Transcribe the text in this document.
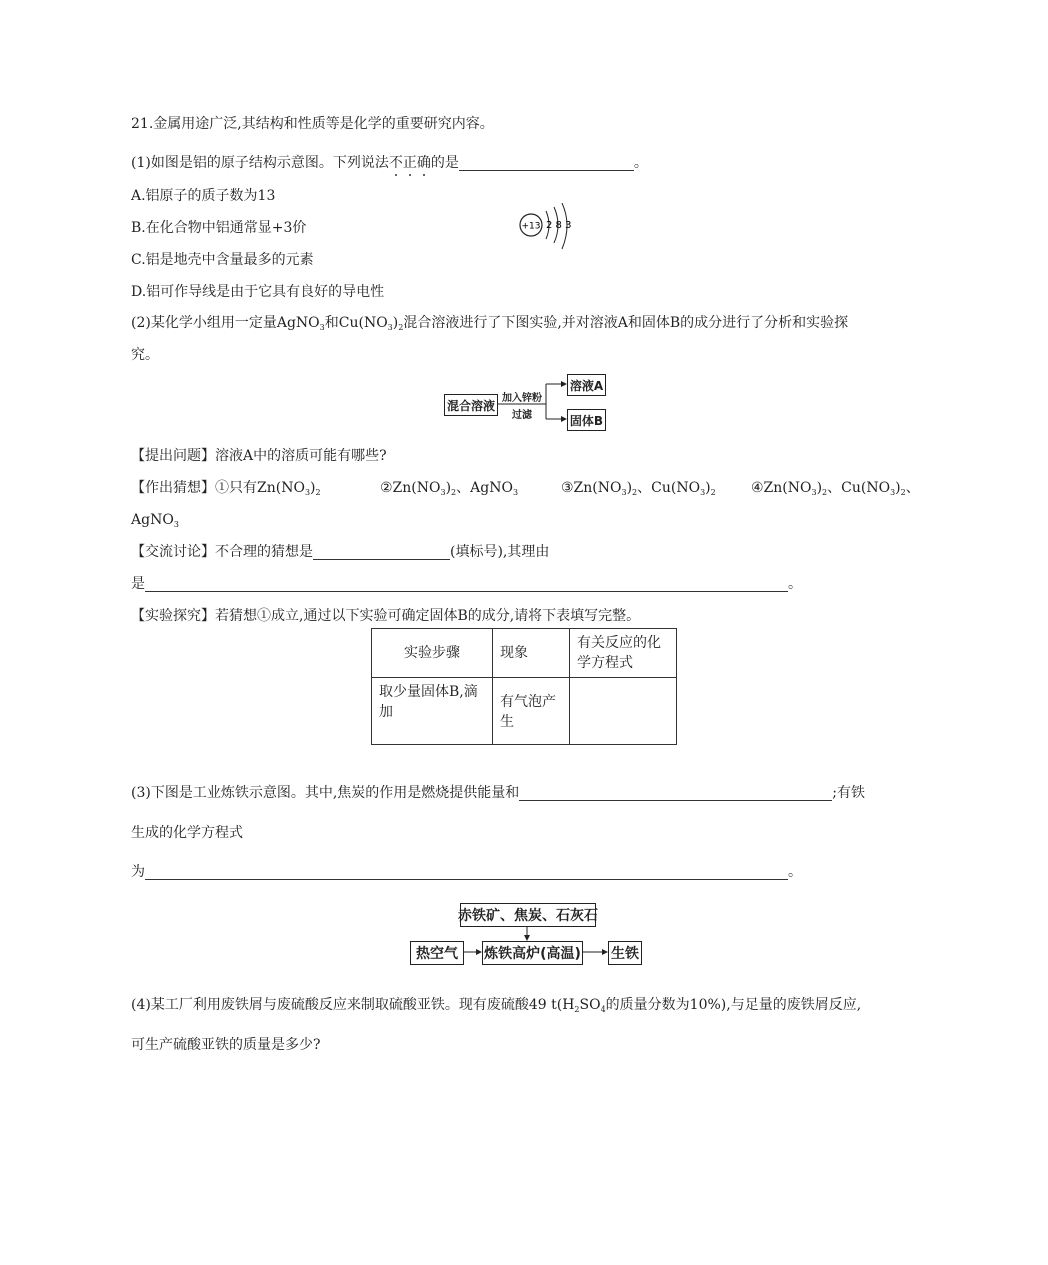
21.金属用途广泛,其结构和性质等是化学的重要研究内容。
(1)如图是铝的原子结构示意图。下列说法不正确的是	。
A.铝原子的质子数为13
B.在化合物中铝通常显+3价
C.铝是地壳中含量最多的元素
D.铝可作导线是由于它具有良好的导电性
+13 2 8 3
(2)某化学小组用一定量AgNO$_3$和$Cu(NO_3)_2$混合溶液进行了下图实验,并对溶液A和固体B的成分进行了分析和实验探
究。
混合溶液 加入锌粉
过滤
溶液A
固体B
【提出问题】溶液A中的溶质可能有哪些?
【作出猜想】①只有$Zn(NO_3)_2$	$②Zn(NO_3)_2$、AgNO$_3$	$③Zn(NO_3)_2$、$Cu(NO_3)_2$	$④Zn(NO_3)_2$、$Cu(NO_3)_2$、
AgNO$_3$
【交流讨论】不合理的猜想是	(填标号),其理由
是	。
【实验探究】若猜想①成立,通过以下实验可确定固体B的成分,请将下表填写完整。
实验步骤	现象	有关反应的化学方程式
取少量固体B,滴加	有气泡产生	
(3)下图是工业炼铁示意图。其中,焦炭的作用是燃烧提供能量和	;有铁
生成的化学方程式
为	。
赤铁矿、焦炭、石灰石
热空气	炼铁高炉(高温) 生铁
(4)某工厂利用废铁屑与废硫酸反应来制取硫酸亚铁。现有废硫酸49 $t(H_2SO_4$的质量分数为10%),与足量的废铁屑反应,
可生产硫酸亚铁的质量是多少?
